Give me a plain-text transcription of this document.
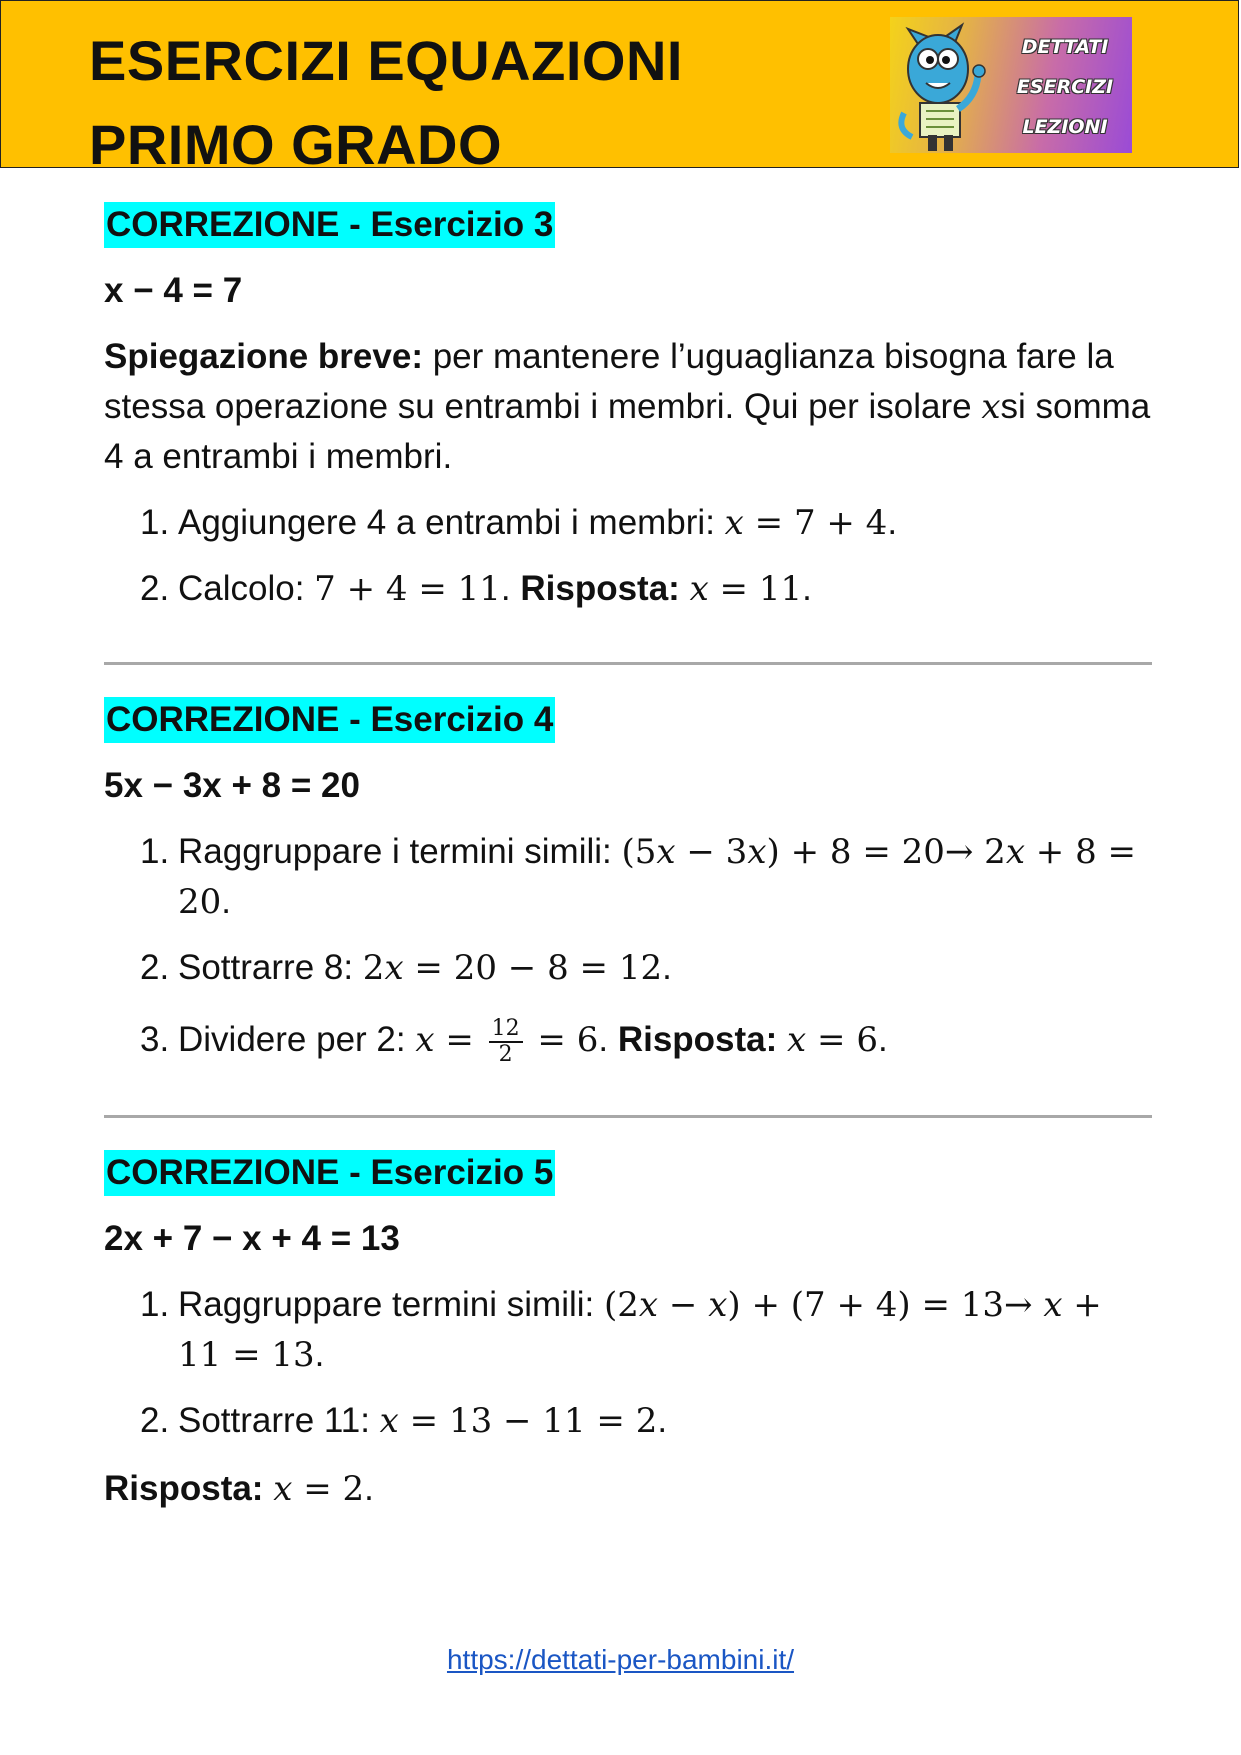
ESERCIZI EQUAZIONI
PRIMO GRADO
DETTATI
ESERCIZI
LEZIONI
CORREZIONE - Esercizio 3
x − 4 = 7
Spiegazione breve: per mantenere l’uguaglianza bisogna fare la stessa operazione su entrambi i membri. Qui per isolare xsi somma 4 a entrambi i membri.
1. Aggiungere 4 a entrambi i membri: x = 7 + 4.
2. Calcolo: 7 + 4 = 11. Risposta: x = 11.
CORREZIONE - Esercizio 4
5x − 3x + 8 = 20
1. Raggruppare i termini simili: (5x − 3x) + 8 = 20→ 2x + 8 = 20.
2. Sottrarre 8: 2x = 20 − 8 = 12.
3. Dividere per 2: $x = \frac{12}{2} = 6$. Risposta: x = 6.
CORREZIONE - Esercizio 5
2x + 7 − x + 4 = 13
1. Raggruppare termini simili: (2x − x) + (7 + 4) = 13→ x + 11 = 13.
2. Sottrarre 11: x = 13 − 11 = 2.
Risposta: x = 2.
https://dettati-per-bambini.it/
